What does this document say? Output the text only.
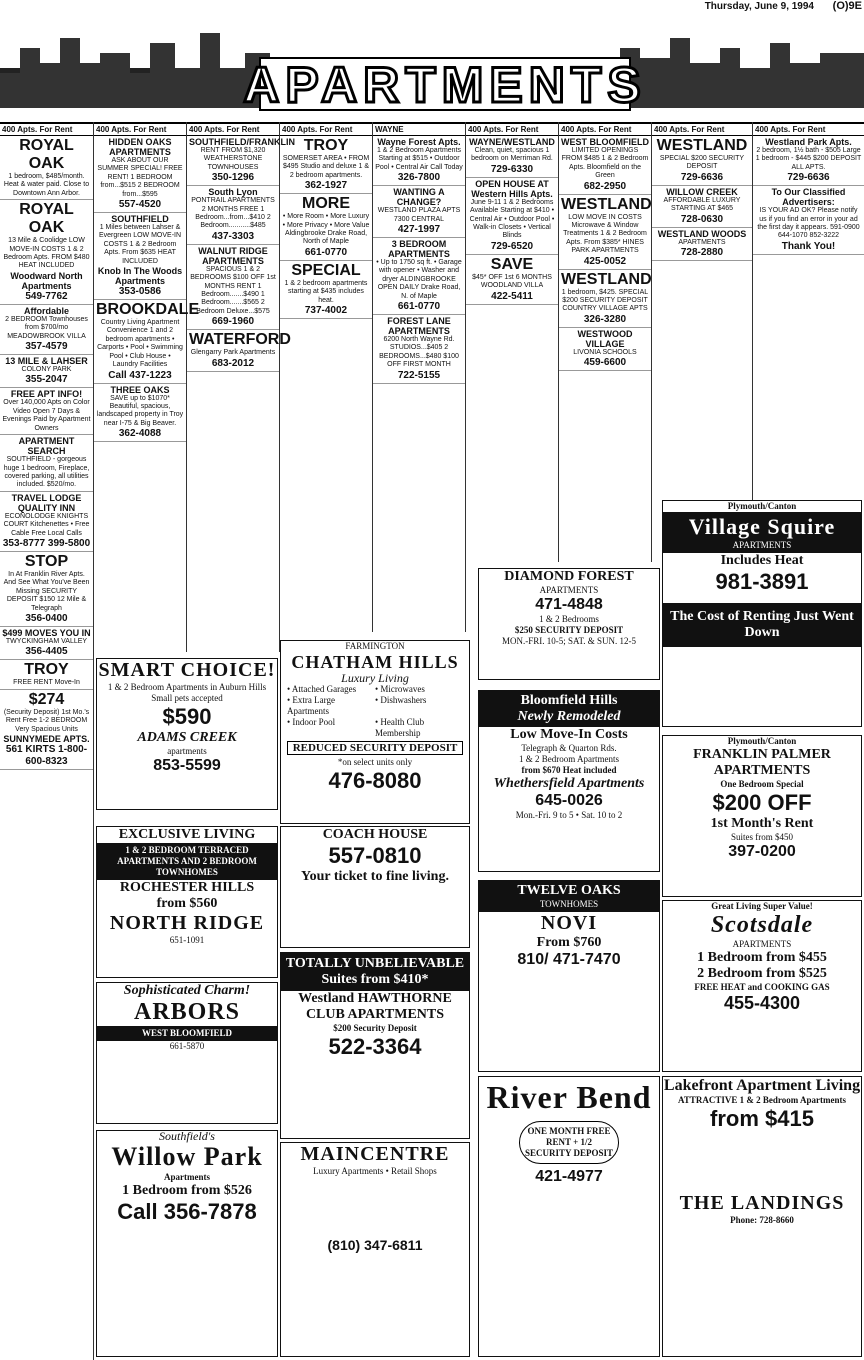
Thursday, June 9, 1994 (O)9E
APARTMENTS
400 Apts. For Rent
ROYAL OAK
1 bedroom, $485/month. Heat & water paid. Close to Downtown Ann Arbor.
ROYAL OAK
13 Mile & Coolidge LOW MOVE-IN COSTS 1 & 2 Bedroom Apts. FROM $480 HEAT INCLUDED
Woodward North Apartments
549-7762
Affordable
2 BEDROOM Townhouses from $700/mo MEADOWBROOK VILLA
357-4579
13 MILE & LAHSER
COLONY PARK
355-2047
FREE APT INFO!
Over 140,000 Apts on Color Video Open 7 Days & Evenings Paid by Apartment Owners
APARTMENT SEARCH
SOUTHFIELD - gorgeous huge 1 bedroom, Fireplace, covered parking, all utilities included. $520/mo.
TRAVEL LODGE QUALITY INN
ECONOLODGE KNIGHTS COURT Kitchenettes • Free Cable Free Local Calls
353-8777 399-5800
STOP
In At Franklin River Apts. And See What You've Been Missing SECURITY DEPOSIT $150 12 Mile & Telegraph
356-0400
$499 MOVES YOU IN
TWYCKINGHAM VALLEY
356-4405
TROY
FREE RENT Move-In
$274
(Security Deposit) 1st Mo.'s Rent Free 1-2 BEDROOM Very Spacious Units
SUNNYMEDE APTS.
561 KIRTS 1-800-600-8323
400 Apts. For Rent
HIDDEN OAKS APARTMENTS
ASK ABOUT OUR SUMMER SPECIAL! FREE RENT! 1 BEDROOM from...$515 2 BEDROOM from...$595
557-4520
SOUTHFIELD
1 Miles between Lahser & Evergreen LOW MOVE-IN COSTS 1 & 2 Bedroom Apts. From $635 HEAT INCLUDED
Knob In The Woods Apartments
353-0586
BROOKDALE
Country Living Apartment Convenience 1 and 2 bedroom apartments • Carports • Pool • Swimming Pool • Club House • Laundry Facilities
Call 437-1223
THREE OAKS
SAVE up to $1070* Beautiful, spacious, landscaped property in Troy near I-75 & Big Beaver.
362-4088
400 Apts. For Rent
SOUTHFIELD/FRANKLIN
RENT FROM $1,320 WEATHERSTONE TOWNHOUSES
350-1296
South Lyon
PONTRAIL APARTMENTS 2 MONTHS FREE 1 Bedroom...from...$410 2 Bedroom...........$485
437-3303
WALNUT RIDGE APARTMENTS
SPACIOUS 1 & 2 BEDROOMS $100 OFF 1st MONTHS RENT 1 Bedroom.......$490 1 Bedroom.......$565 2 Bedroom Deluxe...$575
669-1960
WATERFORD
Glengarry Park Apartments
683-2012
400 Apts. For Rent
TROY
SOMERSET AREA • FROM $495 Studio and deluxe 1 & 2 bedroom apartments.
362-1927
MORE
• More Room • More Luxury • More Privacy • More Value Aldingbrooke Drake Road, North of Maple
661-0770
SPECIAL
1 & 2 bedroom apartments starting at $435 includes heat.
737-4002
WAYNE
Wayne Forest Apts.
1 & 2 Bedroom Apartments Starting at $515 • Outdoor Pool • Central Air Call Today
326-7800
WANTING A CHANGE?
WESTLAND PLAZA APTS 7300 CENTRAL
427-1997
3 BEDROOM APARTMENTS
• Up to 1750 sq ft. • Garage with opener • Washer and dryer ALDINGBROOKE OPEN DAILY Drake Road, N. of Maple
661-0770
FOREST LANE APARTMENTS
6200 North Wayne Rd. STUDIOS...$405 2 BEDROOMS...$480 $100 OFF FIRST MONTH
722-5155
400 Apts. For Rent
WAYNE/WESTLAND
Clean, quiet, spacious 1 bedroom on Merriman Rd.
729-6330
OPEN HOUSE AT Western Hills Apts.
June 9-11 1 & 2 Bedrooms Available Starting at $410 • Central Air • Outdoor Pool • Walk-in Closets • Vertical Blinds
729-6520
SAVE
$45* OFF 1st 6 MONTHS WOODLAND VILLA
422-5411
400 Apts. For Rent
WEST BLOOMFIELD
LIMITED OPENINGS FROM $485 1 & 2 Bedroom Apts. Bloomfield on the Green
682-2950
WESTLAND
LOW MOVE IN COSTS Microwave & Window Treatments 1 & 2 Bedroom Apts. From $385* HINES PARK APARTMENTS
425-0052
WESTLAND
1 bedroom, $425. SPECIAL $200 SECURITY DEPOSIT COUNTRY VILLAGE APTS
326-3280
WESTWOOD VILLAGE
LIVONIA SCHOOLS
459-6600
400 Apts. For Rent
WESTLAND
SPECIAL $200 SECURITY DEPOSIT
729-6636
WILLOW CREEK
AFFORDABLE LUXURY STARTING AT $465
728-0630
WESTLAND WOODS
APARTMENTS
728-2880
400 Apts. For Rent
Westland Park Apts.
2 bedroom, 1½ bath - $505 Large 1 bedroom - $445 $200 DEPOSIT ALL APTS.
729-6636
To Our Classified Advertisers:
IS YOUR AD OK? Please notify us if you find an error in your ad the first day it appears. 591-0900 644-1070 852-3222
Thank You!
SMART CHOICE!
1 & 2 Bedroom Apartments in Auburn Hills Small pets accepted
$590
ADAMS CREEK
apartments
853-5599
FARMINGTON
CHATHAM HILLS
Luxury Living
• Attached Garages	• Microwaves
• Extra Large Apartments
• Dishwashers
• Indoor Pool	• Health Club Membership
REDUCED SECURITY DEPOSIT
*on select units only
476-8080
DIAMOND FOREST
APARTMENTS
471-4848
1 & 2 Bedrooms
$250 SECURITY DEPOSIT
MON.-FRI. 10-5; SAT. & SUN. 12-5
Bloomfield Hills
Newly Remodeled
Low Move-In Costs
Telegraph & Quarton Rds.
1 & 2 Bedroom Apartments
from $670 Heat included
Whethersfield Apartments
645-0026
Mon.-Fri. 9 to 5 • Sat. 10 to 2
EXCLUSIVE LIVING
1 & 2 BEDROOM TERRACED APARTMENTS AND 2 BEDROOM TOWNHOMES
ROCHESTER HILLS
from $560
NORTH RIDGE
651-1091
COACH HOUSE
557-0810
Your ticket to fine living.
Sophisticated Charm!
ARBORS
WEST BLOOMFIELD
661-5870
TOTALLY UNBELIEVABLE
Suites from $410*
Westland HAWTHORNE CLUB APARTMENTS
$200 Security Deposit
522-3364
TWELVE OAKS
TOWNHOMES
NOVI
From $760
810/ 471-7470
Southfield's
Willow Park
Apartments
1 Bedroom from $526
Call 356-7878
MAINCENTRE
Luxury Apartments • Retail Shops
(810) 347-6811
River Bend
ONE MONTH FREE RENT + 1/2 SECURITY DEPOSIT
421-4977
Plymouth/Canton
Village Squire
APARTMENTS
Includes Heat
981-3891
The Cost of Renting Just Went Down
Plymouth/Canton
FRANKLIN PALMER APARTMENTS
One Bedroom Special
$200 OFF
1st Month's Rent
Suites from $450
397-0200
Great Living Super Value!
Scotsdale
APARTMENTS
1 Bedroom from $455
2 Bedroom from $525
FREE HEAT and COOKING GAS
455-4300
Lakefront Apartment Living
ATTRACTIVE 1 & 2 Bedroom Apartments
from $415
THE LANDINGS
Phone: 728-8660
